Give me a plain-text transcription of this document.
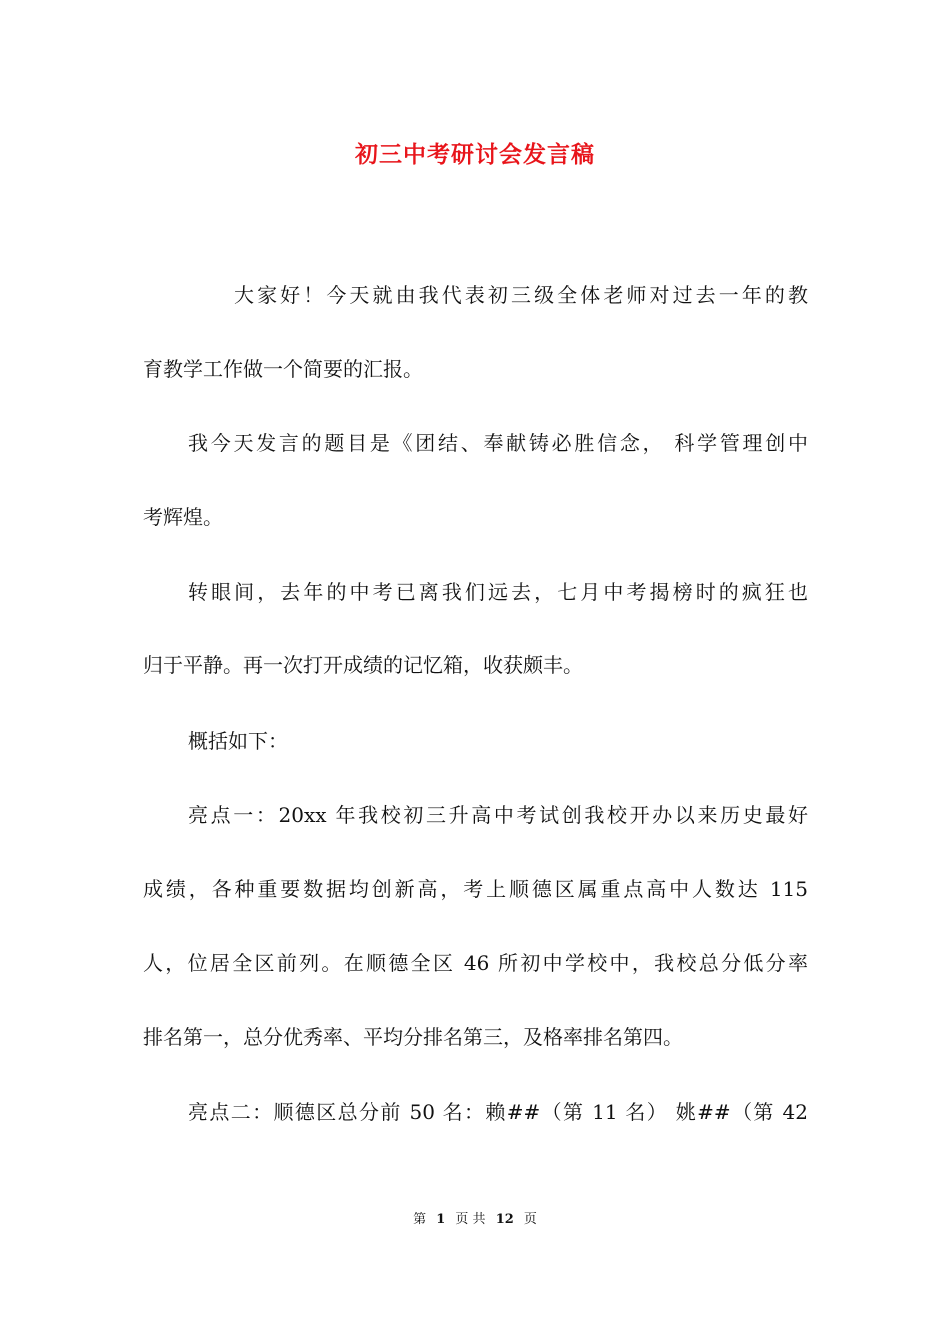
初三中考研讨会发言稿
大家好！今天就由我代表初三级全体老师对过去一年的教
育教学工作做一个简要的汇报。
我今天发言的题目是《团结、奉献铸必胜信念， 科学管理创中
考辉煌。
转眼间，去年的中考已离我们远去，七月中考揭榜时的疯狂也
归于平静。再一次打开成绩的记忆箱，收获颇丰。
概括如下：
亮点一：20xx 年我校初三升高中考试创我校开办以来历史最好
成绩，各种重要数据均创新高，考上顺德区属重点高中人数达 115
人，位居全区前列。在顺德全区 46 所初中学校中，我校总分低分率
排名第一，总分优秀率、平均分排名第三，及格率排名第四。
亮点二：顺德区总分前 50 名：赖##（第 11 名） 姚##（第 42
第 1 页 共 12 页
